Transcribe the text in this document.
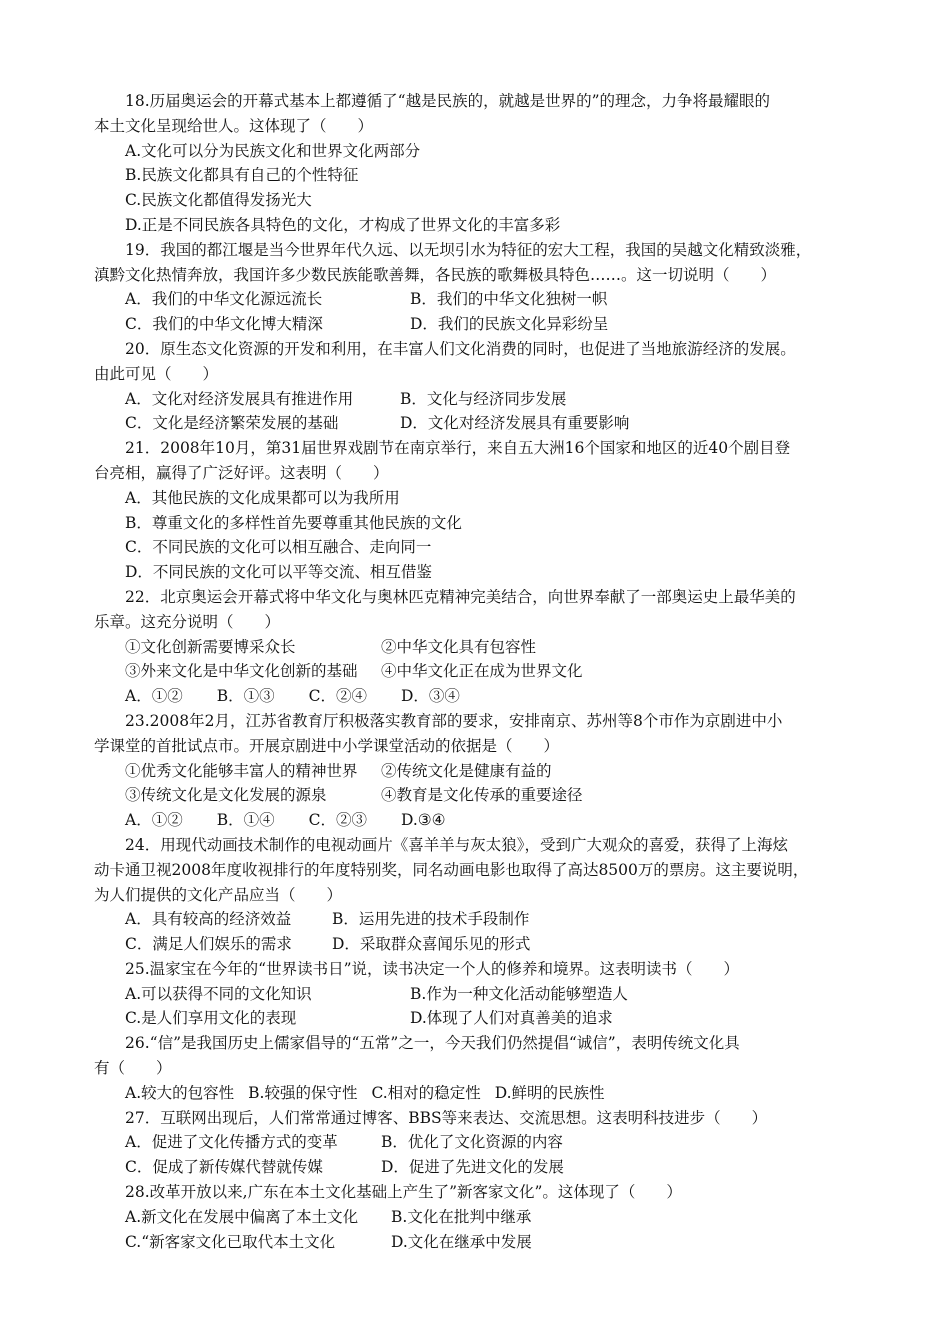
18.历届奥运会的开幕式基本上都遵循了“越是民族的，就越是世界的”的理念，力争将最耀眼的
本土文化呈现给世人。这体现了（　　）
A.文化可以分为民族文化和世界文化两部分
B.民族文化都具有自己的个性特征
C.民族文化都值得发扬光大
D.正是不同民族各具特色的文化，才构成了世界文化的丰富多彩
19．我国的都江堰是当今世界年代久远、以无坝引水为特征的宏大工程，我国的吴越文化精致淡雅，
滇黔文化热情奔放，我国许多少数民族能歌善舞，各民族的歌舞极具特色……。这一切说明（　　）
A．我们的中华文化源远流长	B．我们的中华文化独树一帜
C．我们的中华文化博大精深	D．我们的民族文化异彩纷呈
20．原生态文化资源的开发和利用，在丰富人们文化消费的同时，也促进了当地旅游经济的发展。
由此可见（　　）
A．文化对经济发展具有推进作用	B．文化与经济同步发展
C．文化是经济繁荣发展的基础	D．文化对经济发展具有重要影响
21．2008年10月，第31届世界戏剧节在南京举行，来自五大洲16个国家和地区的近40个剧目登
台亮相，赢得了广泛好评。这表明（　　）
A．其他民族的文化成果都可以为我所用
B．尊重文化的多样性首先要尊重其他民族的文化
C．不同民族的文化可以相互融合、走向同一
D．不同民族的文化可以平等交流、相互借鉴
22．北京奥运会开幕式将中华文化与奥林匹克精神完美结合，向世界奉献了一部奥运史上最华美的
乐章。这充分说明（　　）
①文化创新需要博采众长	②中华文化具有包容性
③外来文化是中华文化创新的基础	④中华文化正在成为世界文化
A．①② B．①③ C．②④ D．③④
23.2008年2月，江苏省教育厅积极落实教育部的要求，安排南京、苏州等8个市作为京剧进中小
学课堂的首批试点市。开展京剧进中小学课堂活动的依据是（　　）
①优秀文化能够丰富人的精神世界	②传统文化是健康有益的
③传统文化是文化发展的源泉	④教育是文化传承的重要途径
A．①② B．①④ C．②③ D.③④
24．用现代动画技术制作的电视动画片《喜羊羊与灰太狼》，受到广大观众的喜爱，获得了上海炫
动卡通卫视2008年度收视排行的年度特别奖，同名动画电影也取得了高达8500万的票房。这主要说明，
为人们提供的文化产品应当（　　）
A．具有较高的经济效益	B．运用先进的技术手段制作
C．满足人们娱乐的需求	D．采取群众喜闻乐见的形式
25.温家宝在今年的“世界读书日”说，读书决定一个人的修养和境界。这表明读书（　　）
A.可以获得不同的文化知识	B.作为一种文化活动能够塑造人
C.是人们享用文化的表现	D.体现了人们对真善美的追求
26.“信”是我国历史上儒家倡导的“五常”之一，今天我们仍然提倡“诚信”，表明传统文化具
有（　　）
A.较大的包容性 B.较强的保守性 C.相对的稳定性 D.鲜明的民族性
27．互联网出现后，人们常常通过博客、BBS等来表达、交流思想。这表明科技进步（　　）
A．促进了文化传播方式的变革	B．优化了文化资源的内容
C．促成了新传媒代替就传媒	D．促进了先进文化的发展
28.改革开放以来,广东在本土文化基础上产生了”新客家文化”。这体现了（　　）
A.新文化在发展中偏离了本土文化	B.文化在批判中继承
C.“新客家文化已取代本土文化	D.文化在继承中发展
